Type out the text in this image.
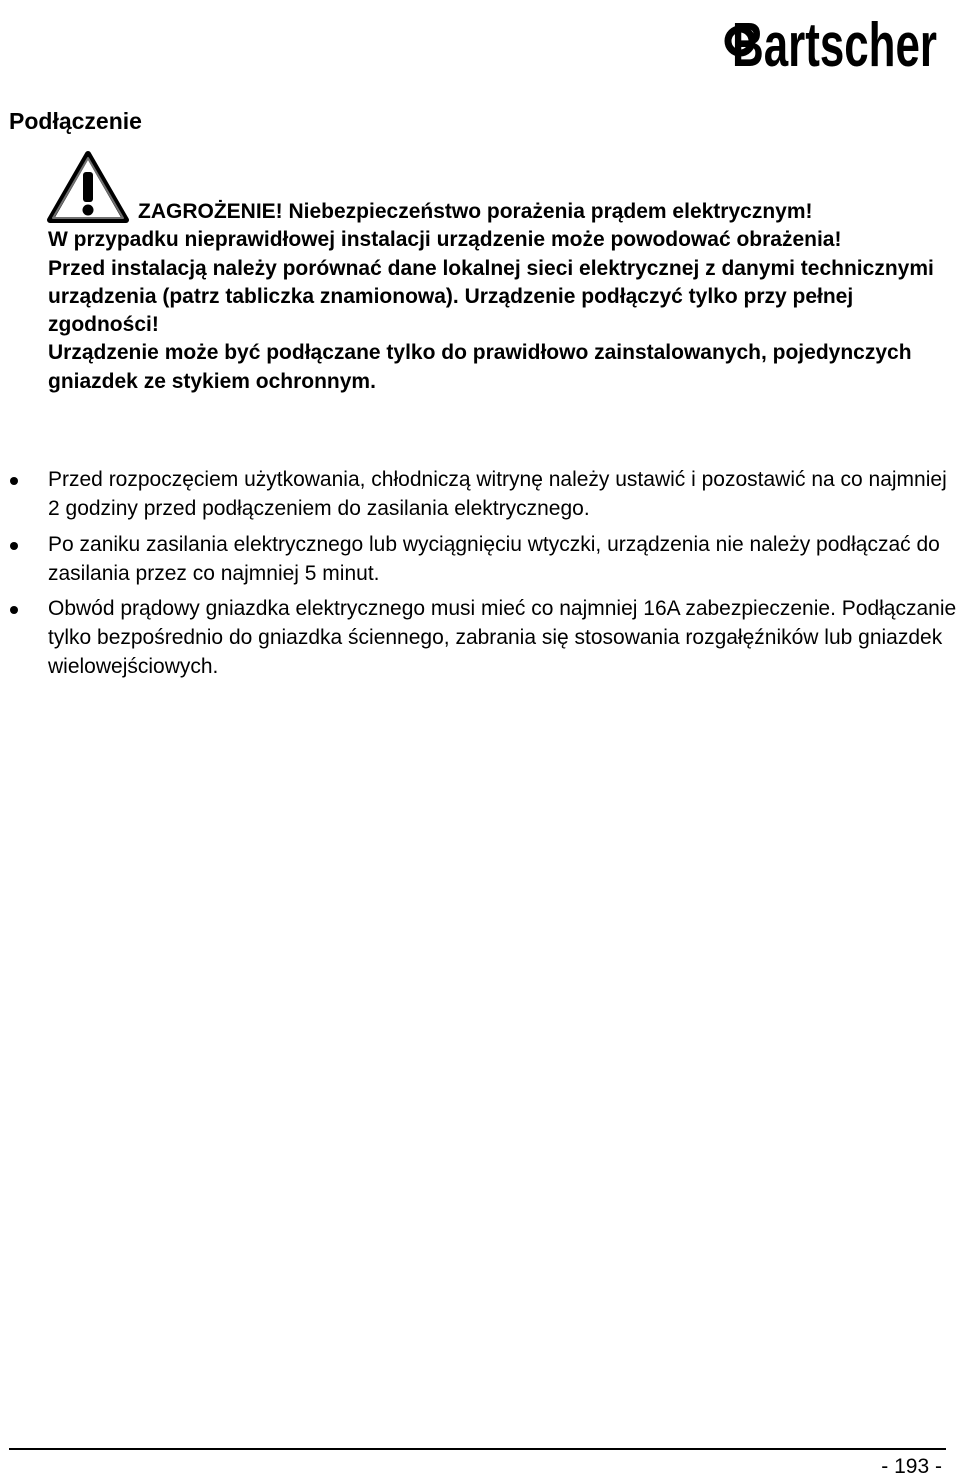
Bartscher
Podłączenie

ZAGROŻENIE! Niebezpieczeństwo porażenia prądem elektrycznym!

W przypadku nieprawidłowej instalacji urządzenie może powodować obrażenia!

Przed instalacją należy porównać dane lokalnej sieci elektrycznej z danymi technicznymi urządzenia (patrz tabliczka znamionowa). Urządzenie podłączyć tylko przy pełnej zgodności!

Urządzenie może być podłączane tylko do prawidłowo zainstalowanych, pojedynczych gniazdek ze stykiem ochronnym.

Przed rozpoczęciem użytkowania, chłodniczą witrynę należy ustawić i pozostawić na co najmniej 2 godziny przed podłączeniem do zasilania elektrycznego.
Po zaniku zasilania elektrycznego lub wyciągnięciu wtyczki, urządzenia nie należy podłączać do zasilania przez co najmniej 5 minut.
Obwód prądowy gniazdka elektrycznego musi mieć co najmniej 16A zabezpieczenie. Podłączanie tylko bezpośrednio do gniazdka ściennego, zabrania się stosowania rozgałęźników lub gniazdek wielowejściowych.
- 193 -
